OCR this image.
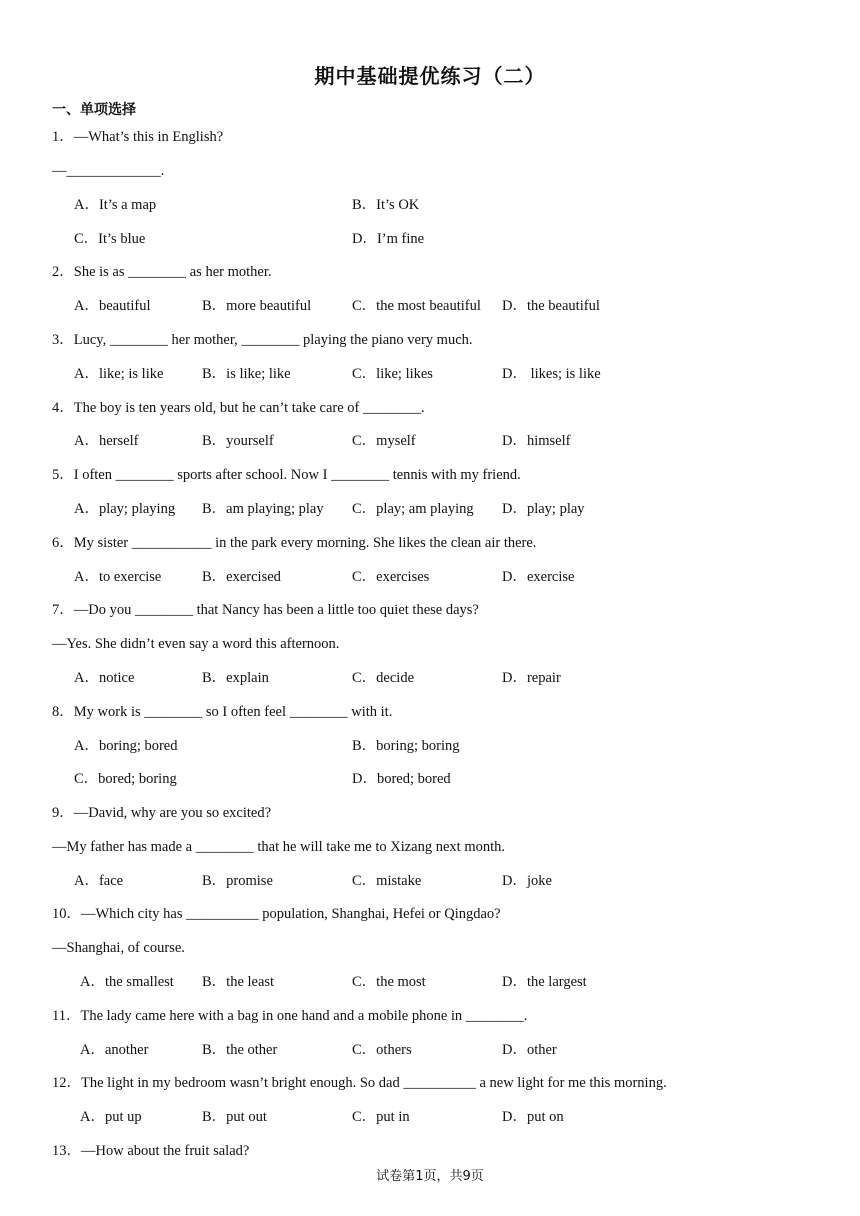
期中基础提优练习（二）
一、单项选择
1．—What’s this in English?
—_____________.
A．It’s a map	B．It’s OK
C．It’s blue	D．I’m fine
2．She is as ________ as her mother.
A．beautiful	B．more beautiful	C．the most beautiful D．the beautiful
3．Lucy, ________ her mother, ________ playing the piano very much.
A．like; is like	B．is like; like	C．like; likes	D． likes; is like
4．The boy is ten years old, but he can’t take care of ________.
A．herself	B．yourself	C．myself	D．himself
5．I often ________ sports after school. Now I ________ tennis with my friend.
A．play; playing B．am playing; play C．play; am playing D．play; play
6．My sister ___________ in the park every morning. She likes the clean air there.
A．to exercise	B．exercised	C．exercises	D．exercise
7．—Do you ________ that Nancy has been a little too quiet these days?
—Yes. She didn’t even say a word this afternoon.
A．notice	B．explain	C．decide	D．repair
8．My work is ________ so I often feel ________ with it.
A．boring; bored	B．boring; boring
C．bored; boring	D．bored; bored
9．—David, why are you so excited?
—My father has made a ________ that he will take me to Xizang next month.
A．face	B．promise	C．mistake	D．joke
10．—Which city has __________ population, Shanghai, Hefei or Qingdao?
—Shanghai, of course.
A．the smallest B．the least	C．the most	D．the largest
11．The lady came here with a bag in one hand and a mobile phone in ________.
A．another	B．the other	C．others	D．other
12．The light in my bedroom wasn’t bright enough. So dad __________ a new light for me this morning.
A．put up	B．put out	C．put in	D．put on
13．—How about the fruit salad?
试卷第1页，共9页
